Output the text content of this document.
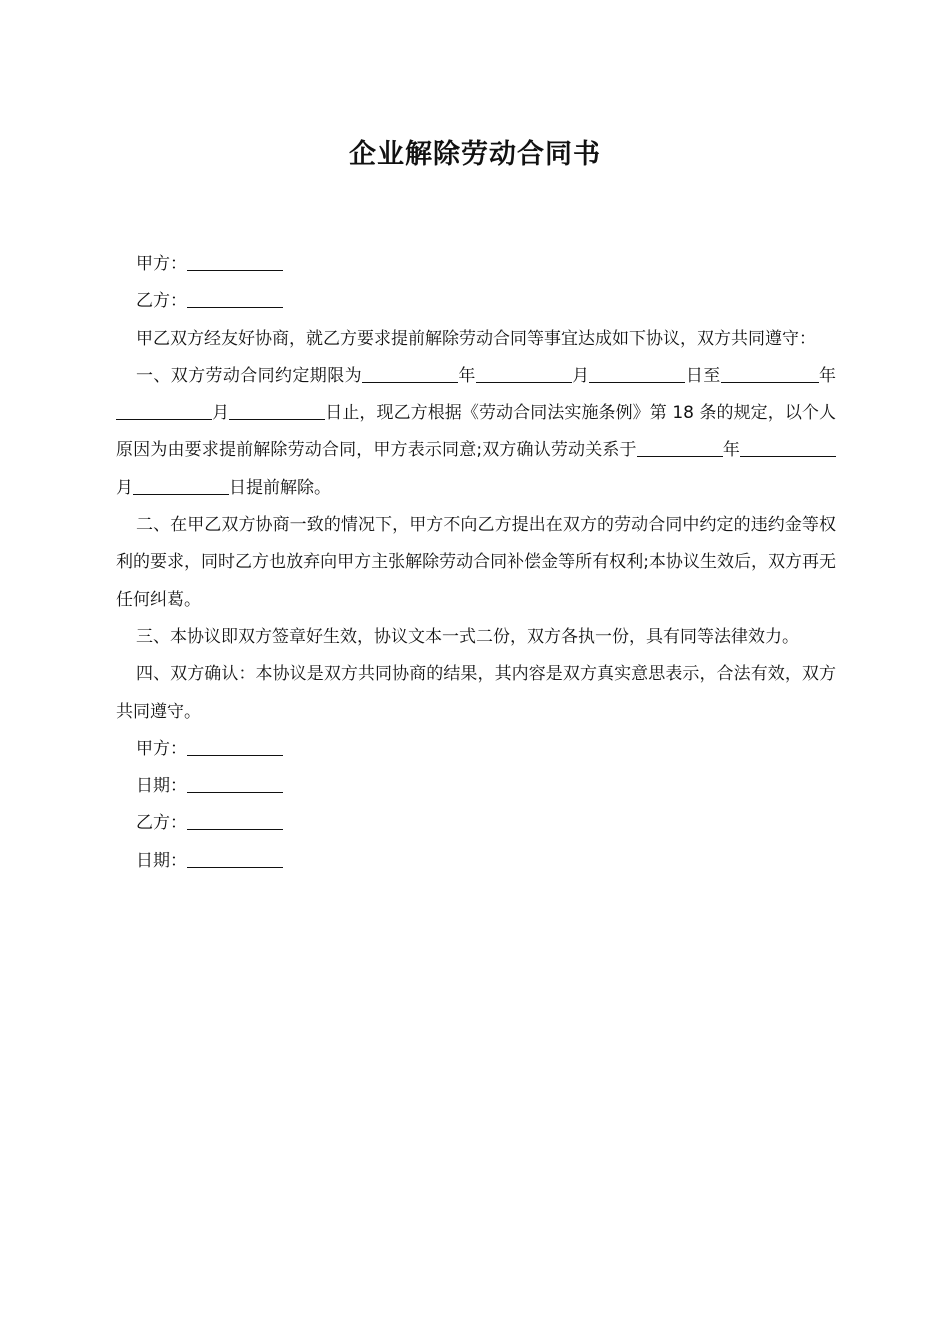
企业解除劳动合同书

甲方：

乙方：

甲乙双方经友好协商，就乙方要求提前解除劳动合同等事宜达成如下协议，双方共同遵守：

一、双方劳动合同约定期限为	年	月	日至	年月	日止，现乙方根据《劳动合同法实施条例》第 18 条的规定，以个人原因为由要求提前解除劳动合同，甲方表示同意;双方确认劳动关系于	年月	日提前解除。

二、在甲乙双方协商一致的情况下，甲方不向乙方提出在双方的劳动合同中约定的违约金等权利的要求，同时乙方也放弃向甲方主张解除劳动合同补偿金等所有权利;本协议生效后，双方再无任何纠葛。

三、本协议即双方签章好生效，协议文本一式二份，双方各执一份，具有同等法律效力。

四、双方确认：本协议是双方共同协商的结果，其内容是双方真实意思表示，合法有效，双方共同遵守。

甲方：

日期：

乙方：

日期：
